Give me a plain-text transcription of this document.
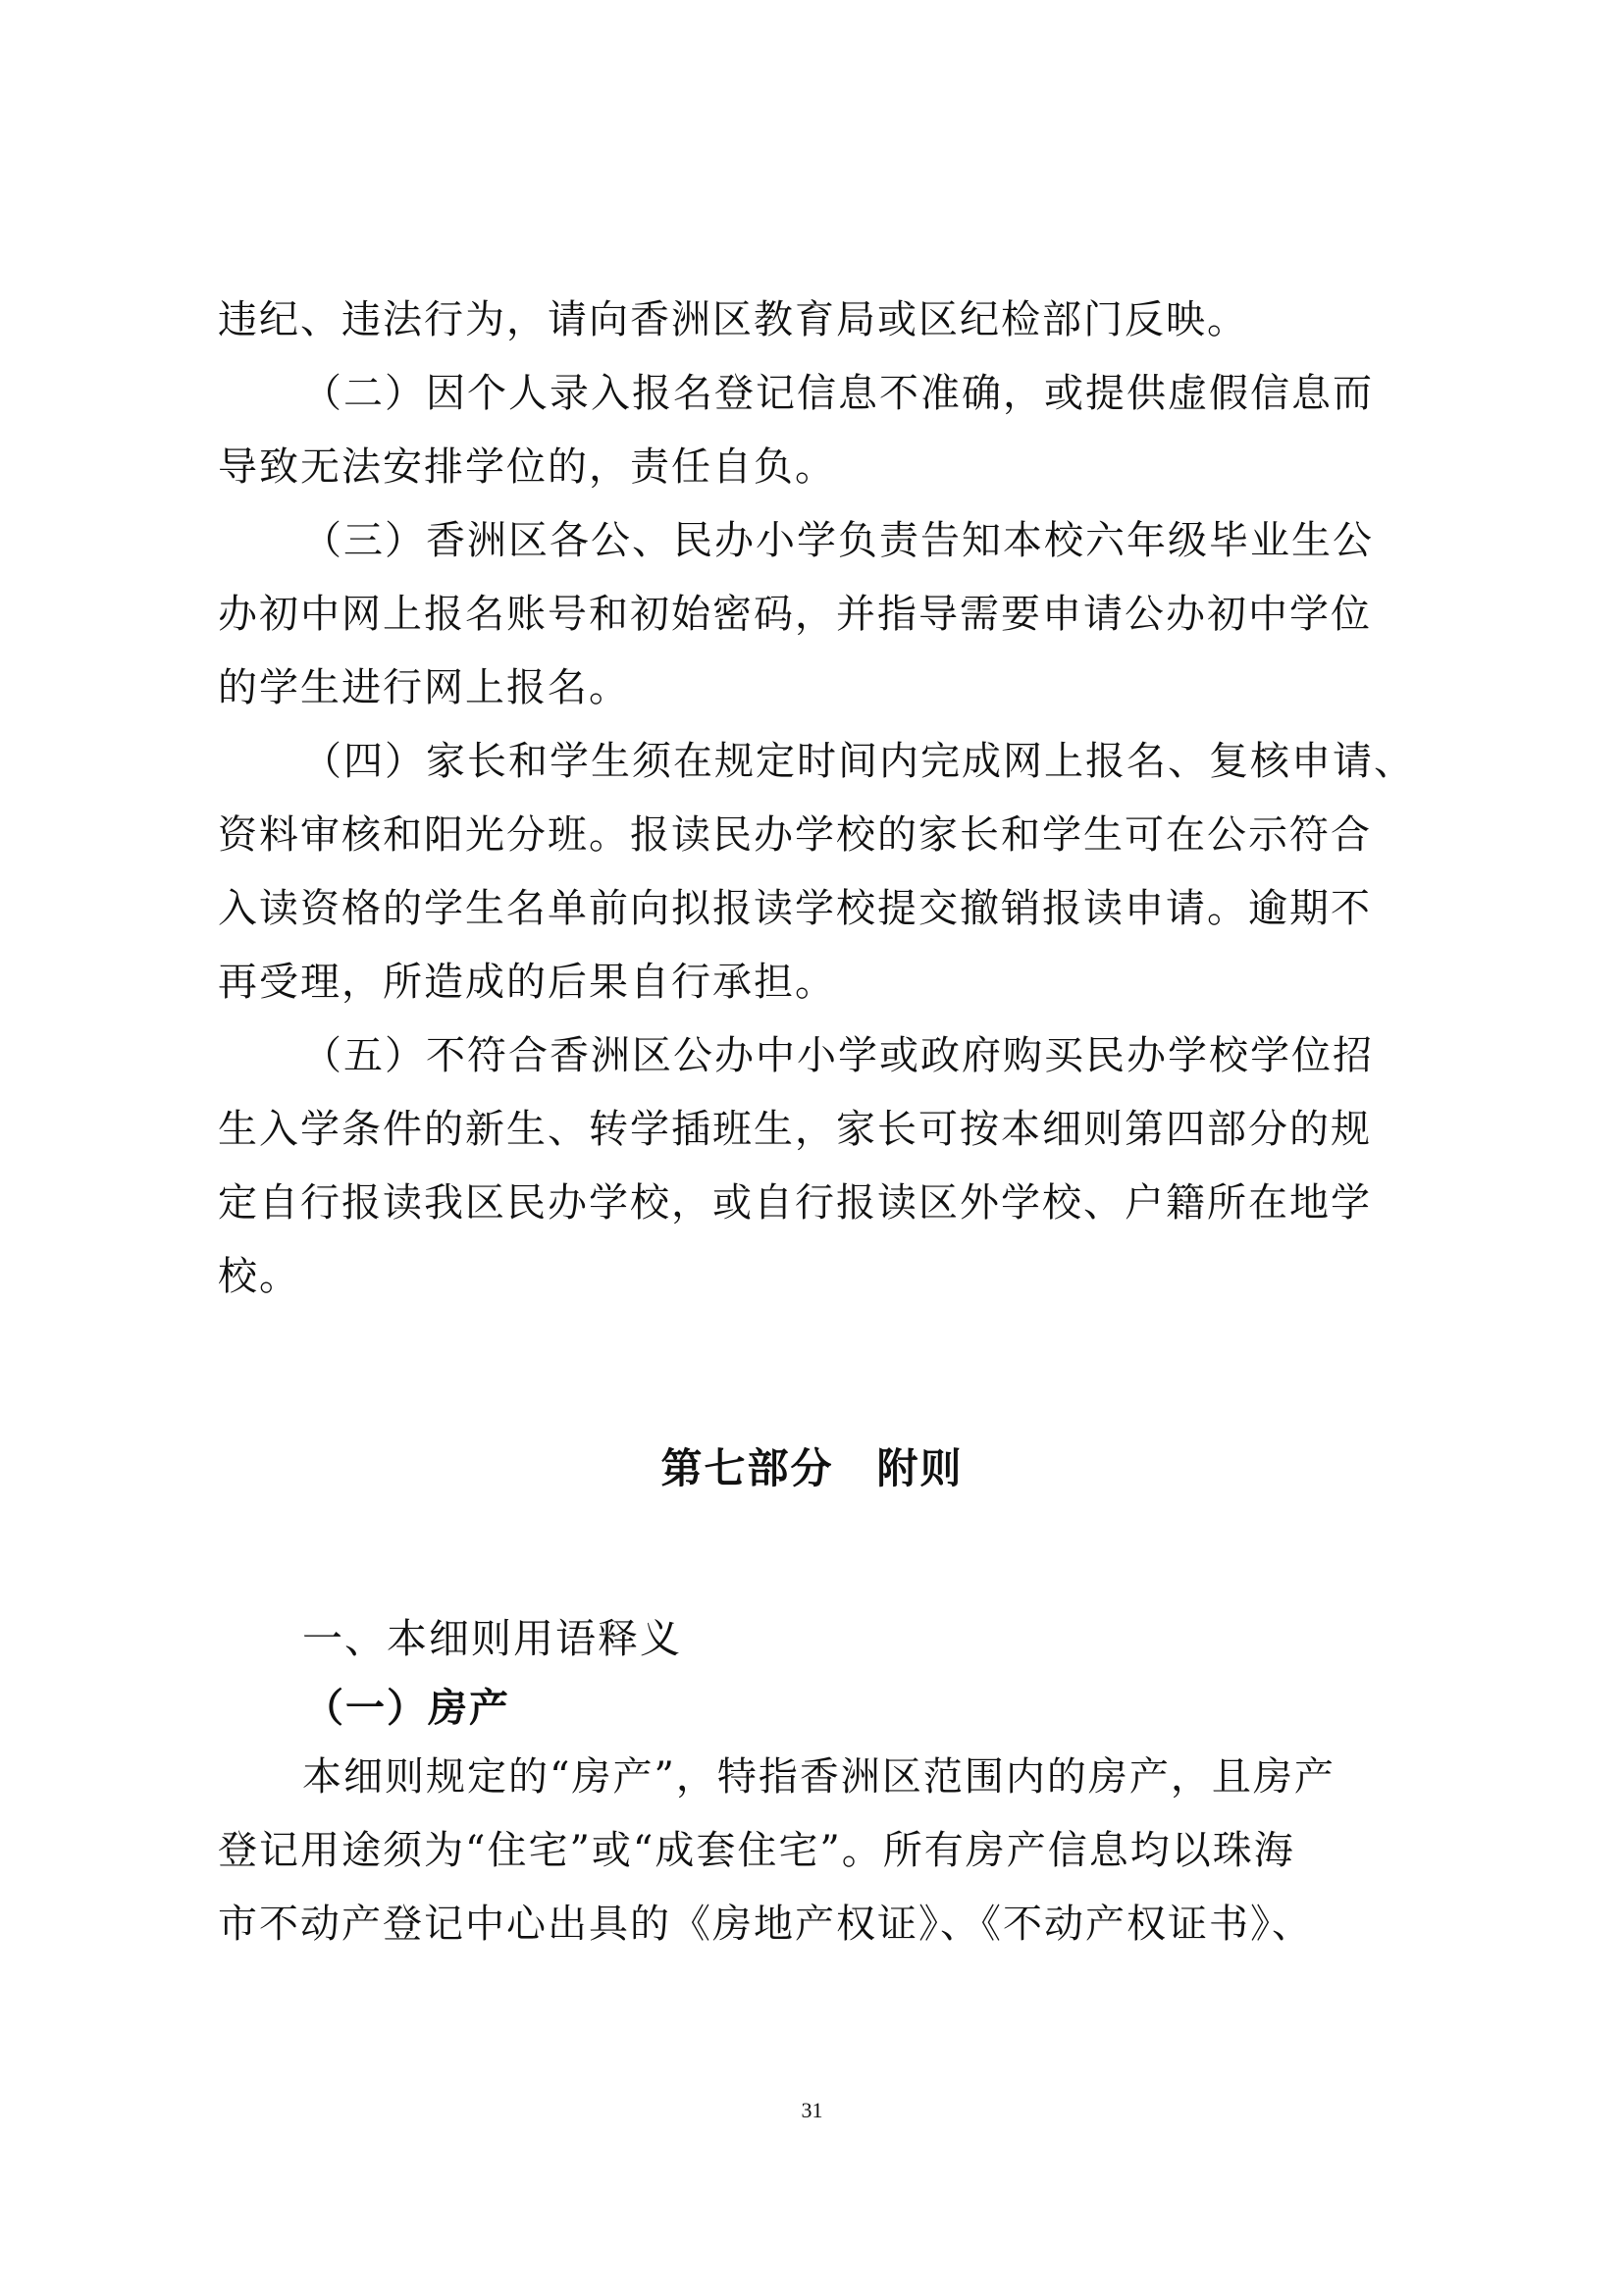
违纪、违法行为，请向香洲区教育局或区纪检部门反映。
（二）因个人录入报名登记信息不准确，或提供虚假信息而
导致无法安排学位的，责任自负。
（三）香洲区各公、民办小学负责告知本校六年级毕业生公
办初中网上报名账号和初始密码，并指导需要申请公办初中学位
的学生进行网上报名。
（四）家长和学生须在规定时间内完成网上报名、复核申请、
资料审核和阳光分班。报读民办学校的家长和学生可在公示符合
入读资格的学生名单前向拟报读学校提交撤销报读申请。逾期不
再受理，所造成的后果自行承担。
（五）不符合香洲区公办中小学或政府购买民办学校学位招
生入学条件的新生、转学插班生，家长可按本细则第四部分的规
定自行报读我区民办学校，或自行报读区外学校、户籍所在地学
校。
第七部分　附则
一、本细则用语释义
（一）房产
本细则规定的“房产”，特指香洲区范围内的房产，且房产
登记用途须为“住宅”或“成套住宅”。所有房产信息均以珠海
市不动产登记中心出具的《房地产权证》、《不动产权证书》、
31
